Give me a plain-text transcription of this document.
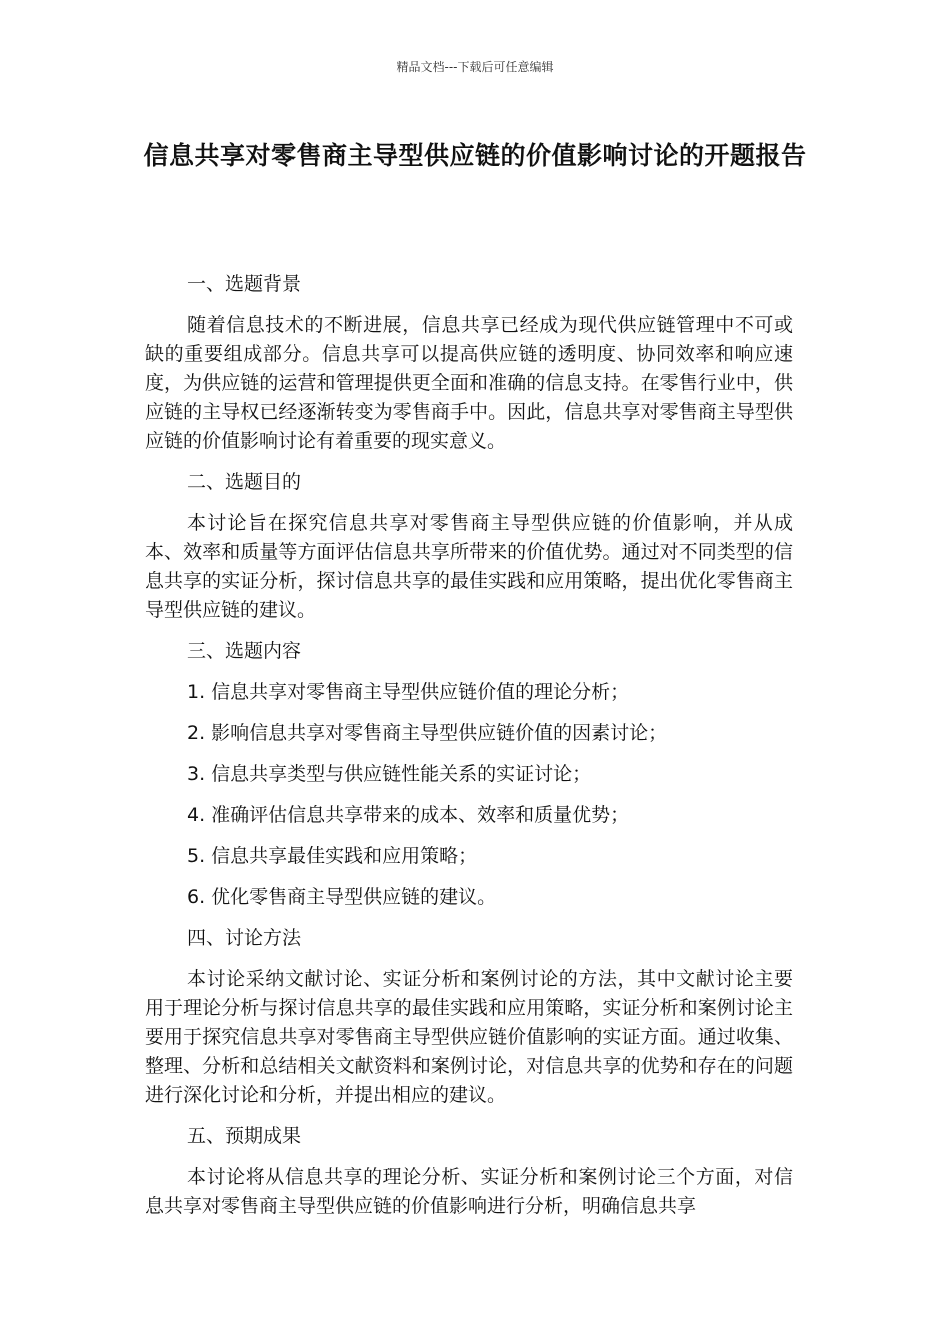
精品文档---下载后可任意编辑
信息共享对零售商主导型供应链的价值影响讨论的开题报告
一、选题背景
随着信息技术的不断进展，信息共享已经成为现代供应链管理中不可或缺的重要组成部分。信息共享可以提高供应链的透明度、协同效率和响应速度，为供应链的运营和管理提供更全面和准确的信息支持。在零售行业中，供应链的主导权已经逐渐转变为零售商手中。因此，信息共享对零售商主导型供应链的价值影响讨论有着重要的现实意义。
二、选题目的
本讨论旨在探究信息共享对零售商主导型供应链的价值影响，并从成本、效率和质量等方面评估信息共享所带来的价值优势。通过对不同类型的信息共享的实证分析，探讨信息共享的最佳实践和应用策略，提出优化零售商主导型供应链的建议。
三、选题内容
1. 信息共享对零售商主导型供应链价值的理论分析；
2. 影响信息共享对零售商主导型供应链价值的因素讨论；
3. 信息共享类型与供应链性能关系的实证讨论；
4. 准确评估信息共享带来的成本、效率和质量优势；
5. 信息共享最佳实践和应用策略；
6. 优化零售商主导型供应链的建议。
四、讨论方法
本讨论采纳文献讨论、实证分析和案例讨论的方法，其中文献讨论主要用于理论分析与探讨信息共享的最佳实践和应用策略，实证分析和案例讨论主要用于探究信息共享对零售商主导型供应链价值影响的实证方面。通过收集、整理、分析和总结相关文献资料和案例讨论，对信息共享的优势和存在的问题进行深化讨论和分析，并提出相应的建议。
五、预期成果
本讨论将从信息共享的理论分析、实证分析和案例讨论三个方面，对信息共享对零售商主导型供应链的价值影响进行分析，明确信息共享
